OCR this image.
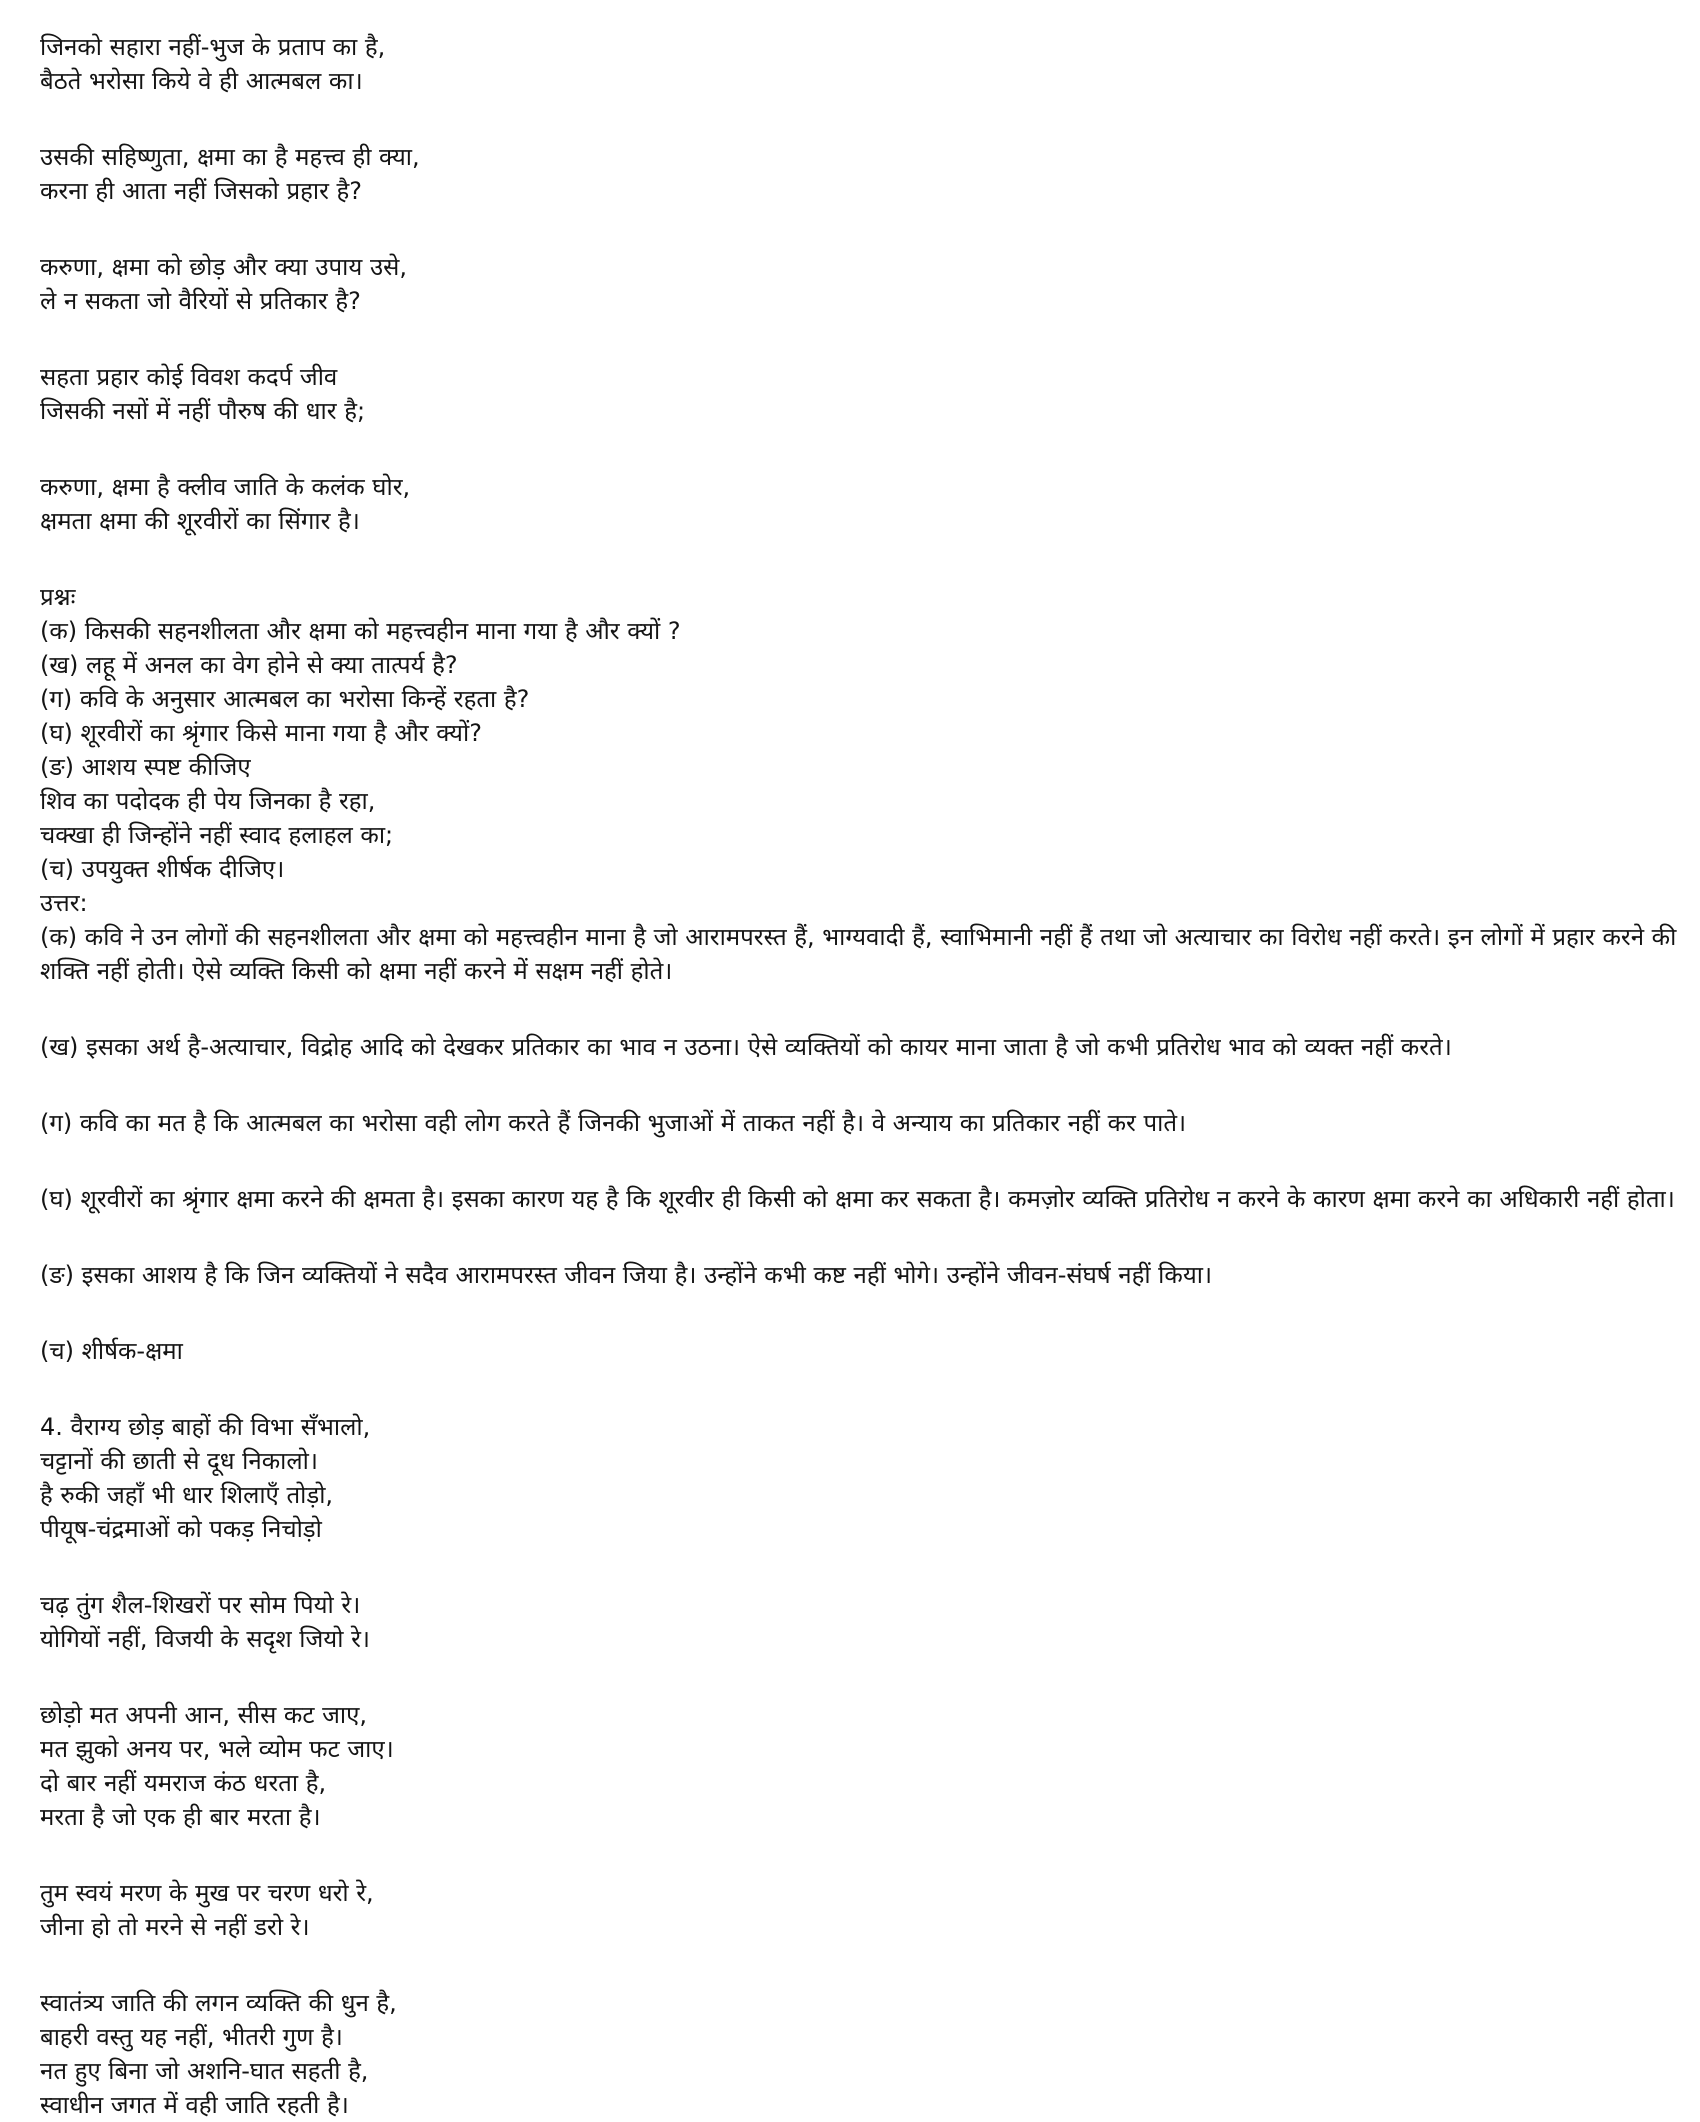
जिनको सहारा नहीं-भुज के प्रताप का है,
बैठते भरोसा किये वे ही आत्मबल का।
उसकी सहिष्णुता, क्षमा का है महत्त्व ही क्या,
करना ही आता नहीं जिसको प्रहार है?
करुणा, क्षमा को छोड़ और क्या उपाय उसे,
ले न सकता जो वैरियों से प्रतिकार है?
सहता प्रहार कोई विवश कदर्प जीव
जिसकी नसों में नहीं पौरुष की धार है;
करुणा, क्षमा है क्लीव जाति के कलंक घोर,
क्षमता क्षमा की शूरवीरों का सिंगार है।
प्रश्नः
(क) किसकी सहनशीलता और क्षमा को महत्त्वहीन माना गया है और क्यों ?
(ख) लहू में अनल का वेग होने से क्या तात्पर्य है?
(ग) कवि के अनुसार आत्मबल का भरोसा किन्हें रहता है?
(घ) शूरवीरों का श्रृंगार किसे माना गया है और क्यों?
(ङ) आशय स्पष्ट कीजिए
शिव का पदोदक ही पेय जिनका है रहा,
चक्खा ही जिन्होंने नहीं स्वाद हलाहल का;
(च) उपयुक्त शीर्षक दीजिए।
उत्तर:
(क) कवि ने उन लोगों की सहनशीलता और क्षमा को महत्त्वहीन माना है जो आरामपरस्त हैं, भाग्यवादी हैं, स्वाभिमानी नहीं हैं तथा जो अत्याचार का विरोध नहीं करते। इन लोगों में प्रहार करने की शक्ति नहीं होती। ऐसे व्यक्ति किसी को क्षमा नहीं करने में सक्षम नहीं होते।
(ख) इसका अर्थ है-अत्याचार, विद्रोह आदि को देखकर प्रतिकार का भाव न उठना। ऐसे व्यक्तियों को कायर माना जाता है जो कभी प्रतिरोध भाव को व्यक्त नहीं करते।
(ग) कवि का मत है कि आत्मबल का भरोसा वही लोग करते हैं जिनकी भुजाओं में ताकत नहीं है। वे अन्याय का प्रतिकार नहीं कर पाते।
(घ) शूरवीरों का श्रृंगार क्षमा करने की क्षमता है। इसका कारण यह है कि शूरवीर ही किसी को क्षमा कर सकता है। कमज़ोर व्यक्ति प्रतिरोध न करने के कारण क्षमा करने का अधिकारी नहीं होता।
(ङ) इसका आशय है कि जिन व्यक्तियों ने सदैव आरामपरस्त जीवन जिया है। उन्होंने कभी कष्ट नहीं भोगे। उन्होंने जीवन-संघर्ष नहीं किया।
(च) शीर्षक-क्षमा
4. वैराग्य छोड़ बाहों की विभा सँभालो,
चट्टानों की छाती से दूध निकालो।
है रुकी जहाँ भी धार शिलाएँ तोड़ो,
पीयूष-चंद्रमाओं को पकड़ निचोड़ो
चढ़ तुंग शैल-शिखरों पर सोम पियो रे।
योगियों नहीं, विजयी के सदृश जियो रे।
छोड़ो मत अपनी आन, सीस कट जाए,
मत झुको अनय पर, भले व्योम फट जाए।
दो बार नहीं यमराज कंठ धरता है,
मरता है जो एक ही बार मरता है।
तुम स्वयं मरण के मुख पर चरण धरो रे,
जीना हो तो मरने से नहीं डरो रे।
स्वातंत्र्य जाति की लगन व्यक्ति की धुन है,
बाहरी वस्तु यह नहीं, भीतरी गुण है।
नत हुए बिना जो अशनि-घात सहती है,
स्वाधीन जगत में वही जाति रहती है।
